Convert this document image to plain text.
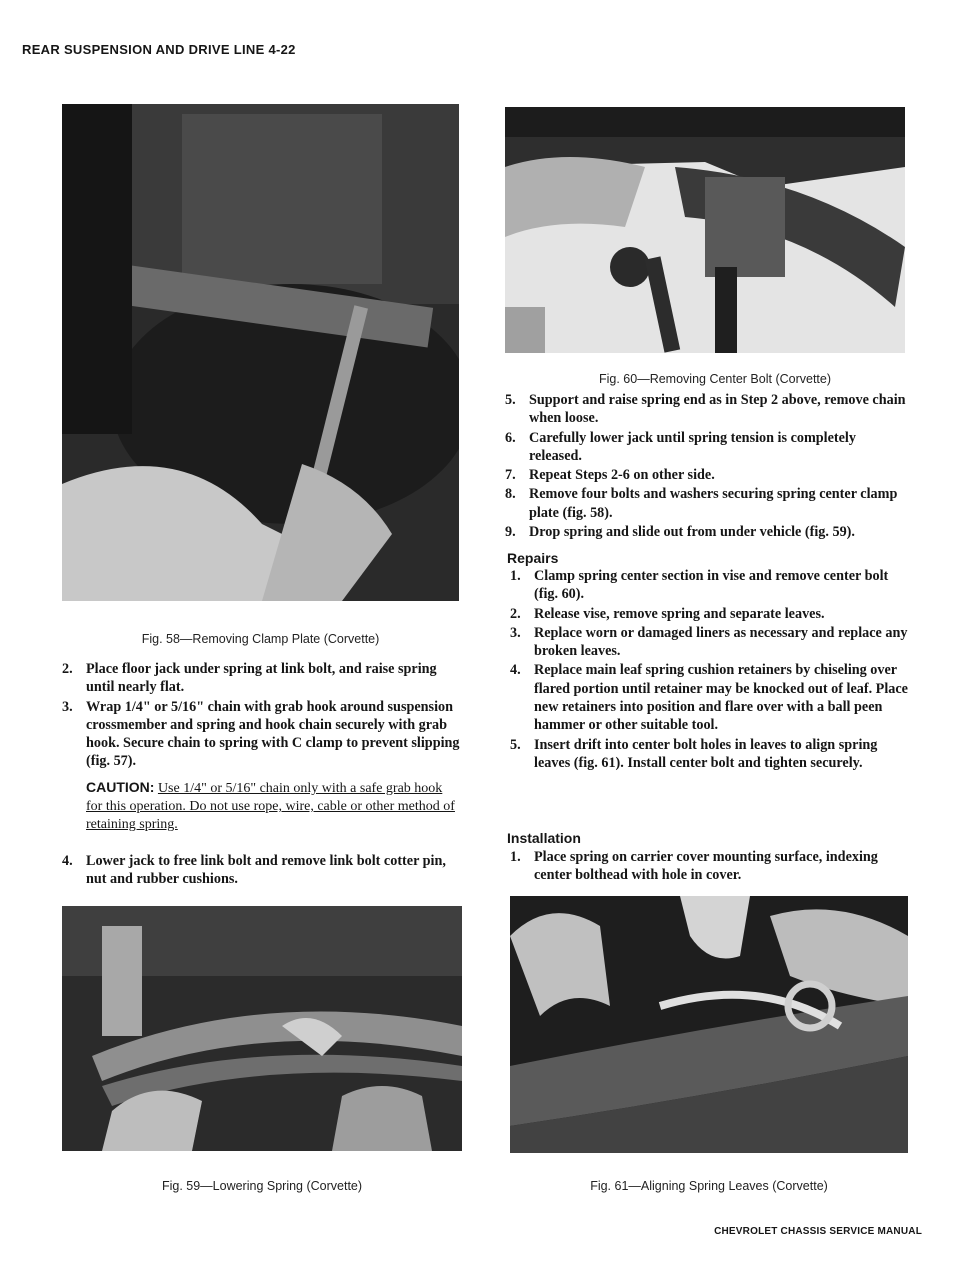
REAR SUSPENSION AND DRIVE LINE 4-22
Fig. 58—Removing Clamp Plate (Corvette)
2. Place floor jack under spring at link bolt, and raise spring until nearly flat.
3. Wrap 1/4" or 5/16" chain with grab hook around suspension crossmember and spring and hook chain securely with grab hook. Secure chain to spring with C clamp to prevent slipping (fig. 57).
CAUTION: Use 1/4" or 5/16" chain only with a safe grab hook for this operation. Do not use rope, wire, cable or other method of retaining spring.
4. Lower jack to free link bolt and remove link bolt cotter pin, nut and rubber cushions.
Fig. 59—Lowering Spring (Corvette)
Fig. 60—Removing Center Bolt (Corvette)
5. Support and raise spring end as in Step 2 above, remove chain when loose.
6. Carefully lower jack until spring tension is completely released.
7. Repeat Steps 2-6 on other side.
8. Remove four bolts and washers securing spring center clamp plate (fig. 58).
9. Drop spring and slide out from under vehicle (fig. 59).
Repairs
1. Clamp spring center section in vise and remove center bolt (fig. 60).
2. Release vise, remove spring and separate leaves.
3. Replace worn or damaged liners as necessary and replace any broken leaves.
4. Replace main leaf spring cushion retainers by chiseling over flared portion until retainer may be knocked out of leaf. Place new retainers into position and flare over with a ball peen hammer or other suitable tool.
5. Insert drift into center bolt holes in leaves to align spring leaves (fig. 61). Install center bolt and tighten securely.
Installation
1. Place spring on carrier cover mounting surface, indexing center bolthead with hole in cover.
Fig. 61—Aligning Spring Leaves (Corvette)
CHEVROLET CHASSIS SERVICE MANUAL
